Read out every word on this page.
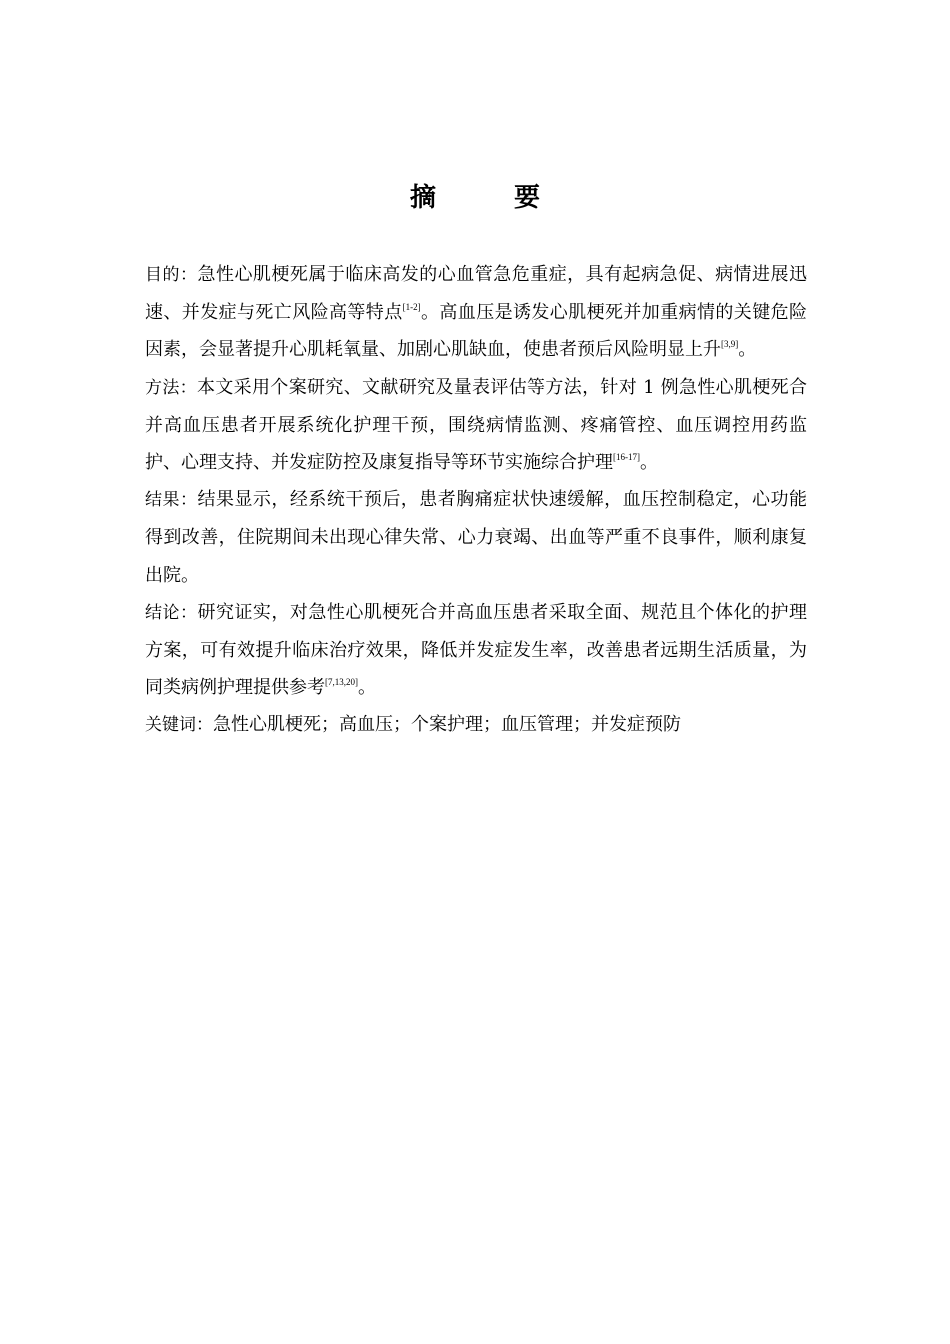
摘　要

目的：急性心肌梗死属于临床高发的心血管急危重症，具有起病急促、病情进展迅速、并发症与死亡风险高等特点[1-2]。高血压是诱发心肌梗死并加重病情的关键危险因素，会显著提升心肌耗氧量、加剧心肌缺血，使患者预后风险明显上升[3,9]。

方法：本文采用个案研究、文献研究及量表评估等方法，针对 1 例急性心肌梗死合并高血压患者开展系统化护理干预，围绕病情监测、疼痛管控、血压调控用药监护、心理支持、并发症防控及康复指导等环节实施综合护理[16-17]。

结果：结果显示，经系统干预后，患者胸痛症状快速缓解，血压控制稳定，心功能得到改善，住院期间未出现心律失常、心力衰竭、出血等严重不良事件，顺利康复出院。

结论：研究证实，对急性心肌梗死合并高血压患者采取全面、规范且个体化的护理方案，可有效提升临床治疗效果，降低并发症发生率，改善患者远期生活质量，为同类病例护理提供参考[7,13,20]。

关键词：急性心肌梗死；高血压；个案护理；血压管理；并发症预防
